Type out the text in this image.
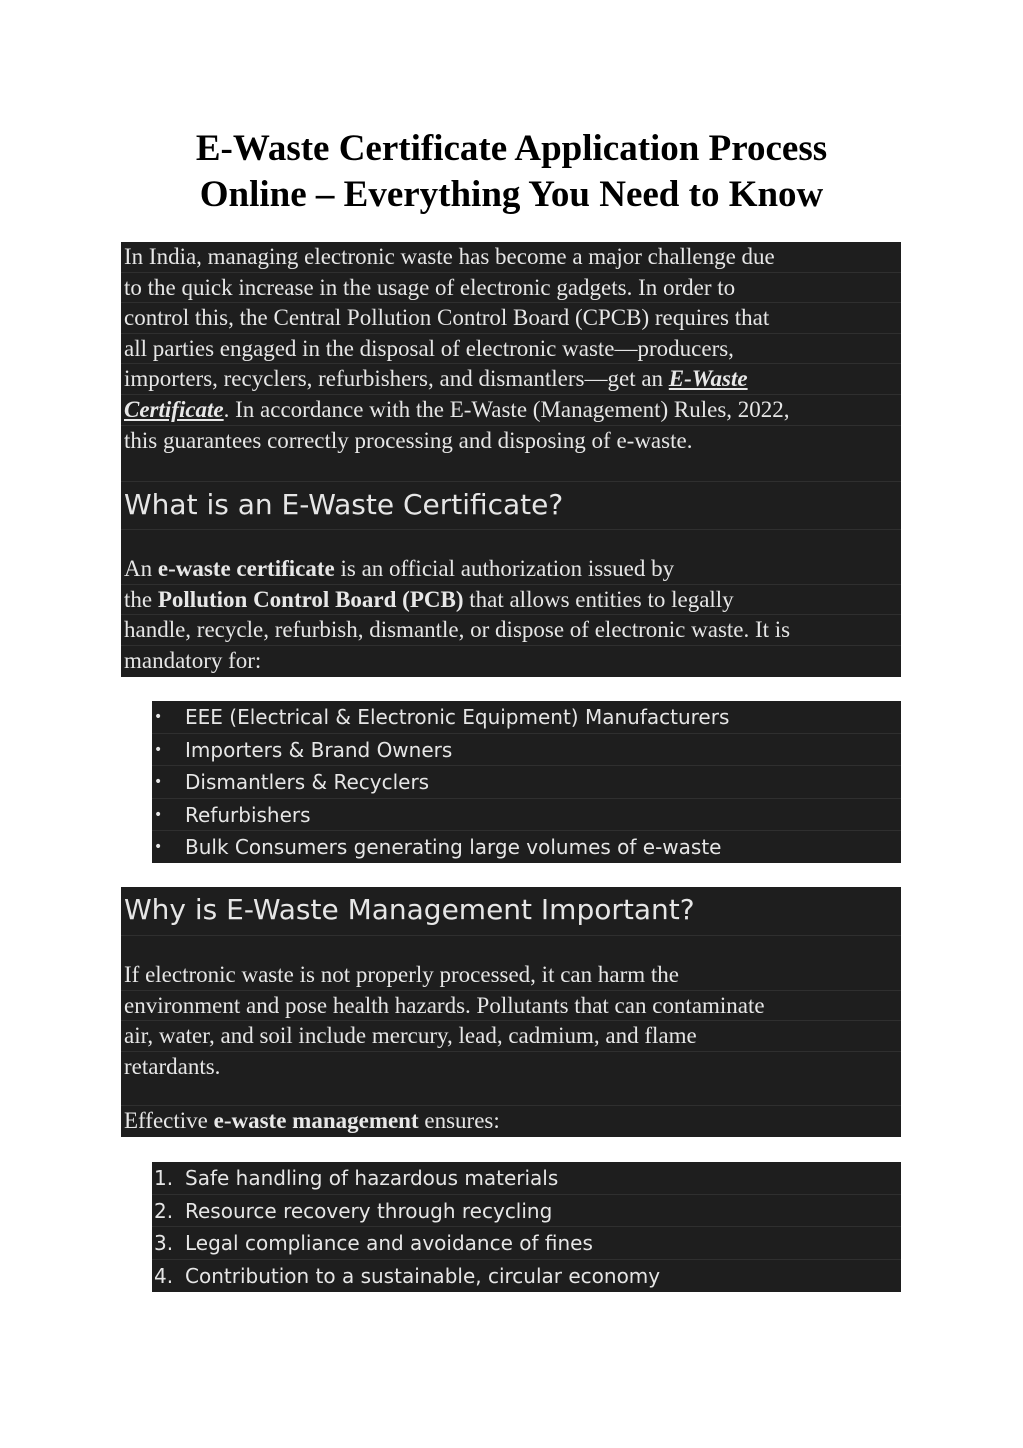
E-Waste Certificate Application Process
Online – Everything You Need to Know
In India, managing electronic waste has become a major challenge due
to the quick increase in the usage of electronic gadgets. In order to
control this, the Central Pollution Control Board (CPCB) requires that
all parties engaged in the disposal of electronic waste—producers,
importers, recyclers, refurbishers, and dismantlers—get an E-Waste
Certificate. In accordance with the E-Waste (Management) Rules, 2022,
this guarantees correctly processing and disposing of e-waste.
What is an E-Waste Certificate?
An e-waste certificate is an official authorization issued by
the Pollution Control Board (PCB) that allows entities to legally
handle, recycle, refurbish, dismantle, or dispose of electronic waste. It is
mandatory for:
• EEE (Electrical & Electronic Equipment) Manufacturers
• Importers & Brand Owners
• Dismantlers & Recyclers
• Refurbishers
• Bulk Consumers generating large volumes of e-waste
Why is E-Waste Management Important?
If electronic waste is not properly processed, it can harm the
environment and pose health hazards. Pollutants that can contaminate
air, water, and soil include mercury, lead, cadmium, and flame
retardants.
Effective e-waste management ensures:
1. Safe handling of hazardous materials
2. Resource recovery through recycling
3. Legal compliance and avoidance of fines
4. Contribution to a sustainable, circular economy
